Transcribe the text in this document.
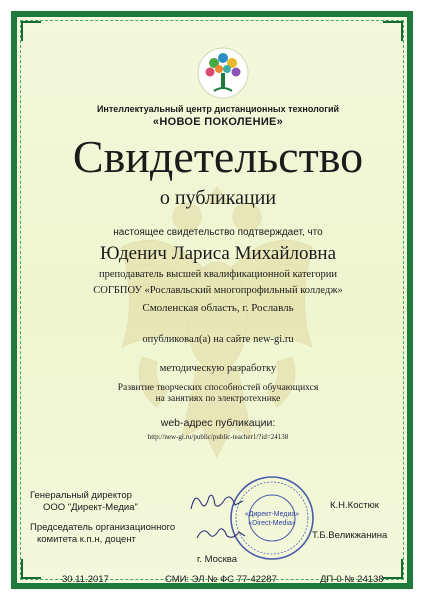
Интеллектуальный центр дистанционных технологий
«НОВОЕ ПОКОЛЕНИЕ»
Свидетельство
о публикации
настоящее свидетельство подтверждает, что
Юденич Лариса Михайловна
преподаватель высшей квалификационной категории
СОГБПОУ «Рославльский многопрофильный колледж»
Смоленская область, г. Рославль
опубликовал(а) на сайте new-gi.ru
методическую разработку
Развитие творческих способностей обучающихся
на занятиях по электротехнике
web-адрес публикации:
http://new-gi.ru/public/public-teacher1/?id=24138
«Директ-Медиа»
«Direct-Media»
Генеральный директор
ООО "Директ-Медиа"
Председатель организационного
комитета к.п.н, доцент
К.Н.Костюк
Т.Б.Великжанина
г. Москва
30.11.2017	СМИ: ЭЛ № ФС 77-42287	ДП-0 № 24138
